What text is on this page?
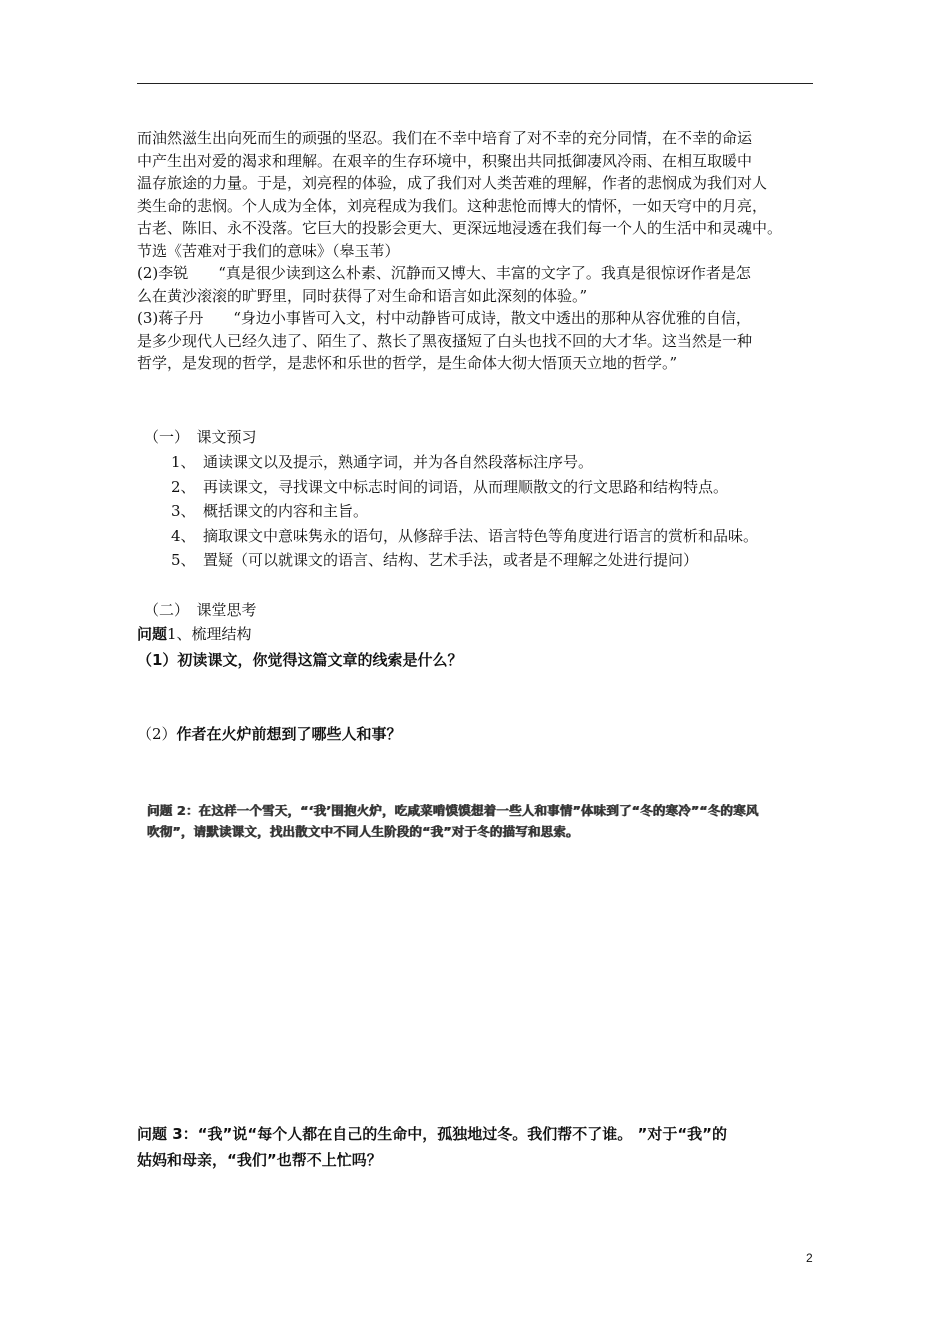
而油然滋生出向死而生的顽强的坚忍。我们在不幸中培育了对不幸的充分同情，在不幸的命运
中产生出对爱的渴求和理解。在艰辛的生存环境中，积聚出共同抵御凄风冷雨、在相互取暖中
温存旅途的力量。于是，刘亮程的体验，成了我们对人类苦难的理解，作者的悲悯成为我们对人
类生命的悲悯。个人成为全体，刘亮程成为我们。这种悲怆而博大的情怀，一如天穹中的月亮，
古老、陈旧、永不没落。它巨大的投影会更大、更深远地浸透在我们每一个人的生活中和灵魂中。
节选《苦难对于我们的意味》（皋玉苇）
(2)李锐　　“真是很少读到这么朴素、沉静而又博大、丰富的文字了。我真是很惊讶作者是怎
么在黄沙滚滚的旷野里，同时获得了对生命和语言如此深刻的体验。”
(3)蒋子丹　　“身边小事皆可入文，村中动静皆可成诗，散文中透出的那种从容优雅的自信，
是多少现代人已经久违了、陌生了、熬长了黑夜搔短了白头也找不回的大才华。这当然是一种
哲学，是发现的哲学，是悲怀和乐世的哲学，是生命体大彻大悟顶天立地的哲学。”
（一）　课文预习
1、　通读课文以及提示，熟通字词，并为各自然段落标注序号。
2、　再读课文，寻找课文中标志时间的词语，从而理顺散文的行文思路和结构特点。
3、　概括课文的内容和主旨。
4、　摘取课文中意味隽永的语句，从修辞手法、语言特色等角度进行语言的赏析和品味。
5、　置疑（可以就课文的语言、结构、艺术手法，或者是不理解之处进行提问）
（二）　课堂思考
问题1、梳理结构
（1）初读课文，你觉得这篇文章的线索是什么？
（2）作者在火炉前想到了哪些人和事？
问题 2：在这样一个雪天，“‘我’围抱火炉，吃咸菜啃馍馍想着一些人和事情”体味到了“冬的寒冷”“冬的寒风
吹彻”，请默读课文，找出散文中不同人生阶段的“我”对于冬的描写和思索。
问题 3：“我”说“每个人都在自己的生命中，孤独地过冬。我们帮不了谁。 ”对于“我”的
姑妈和母亲，“我们”也帮不上忙吗？
2
